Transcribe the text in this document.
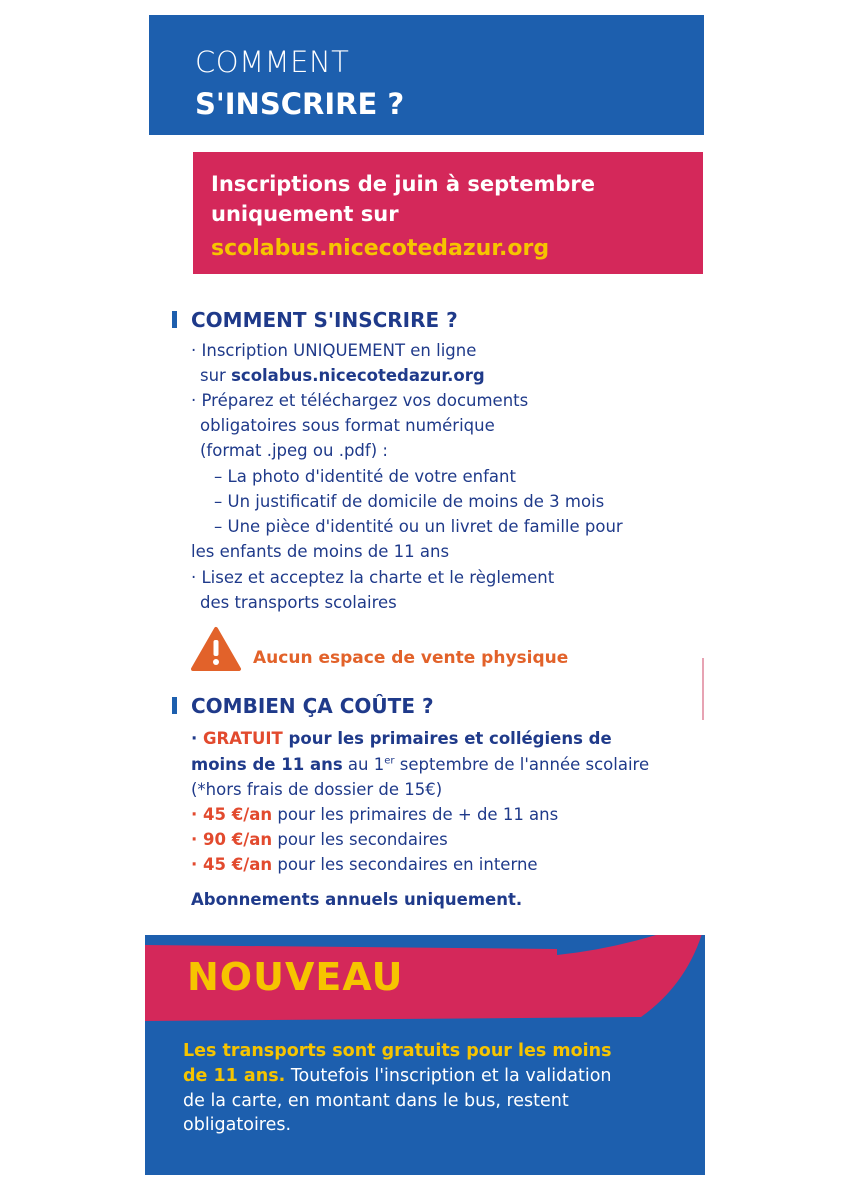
COMMENT
S'INSCRIRE ?
Inscriptions de juin à septembre
uniquement sur
scolabus.nicecotedazur.org
COMMENT S'INSCRIRE ?
· Inscription UNIQUEMENT en ligne
sur scolabus.nicecotedazur.org
· Préparez et téléchargez vos documents
obligatoires sous format numérique
(format .jpeg ou .pdf) :
– La photo d'identité de votre enfant
– Un justificatif de domicile de moins de 3 mois
– Une pièce d'identité ou un livret de famille pour
les enfants de moins de 11 ans
· Lisez et acceptez la charte et le règlement
des transports scolaires
Aucun espace de vente physique
COMBIEN ÇA COÛTE ?
· GRATUIT pour les primaires et collégiens de
moins de 11 ans au 1er septembre de l'année scolaire
(*hors frais de dossier de 15€)
· 45 €/an pour les primaires de + de 11 ans
· 90 €/an pour les secondaires
· 45 €/an pour les secondaires en interne
Abonnements annuels uniquement.
NOUVEAU
Les transports sont gratuits pour les moins
de 11 ans. Toutefois l'inscription et la validation
de la carte, en montant dans le bus, restent
obligatoires.
